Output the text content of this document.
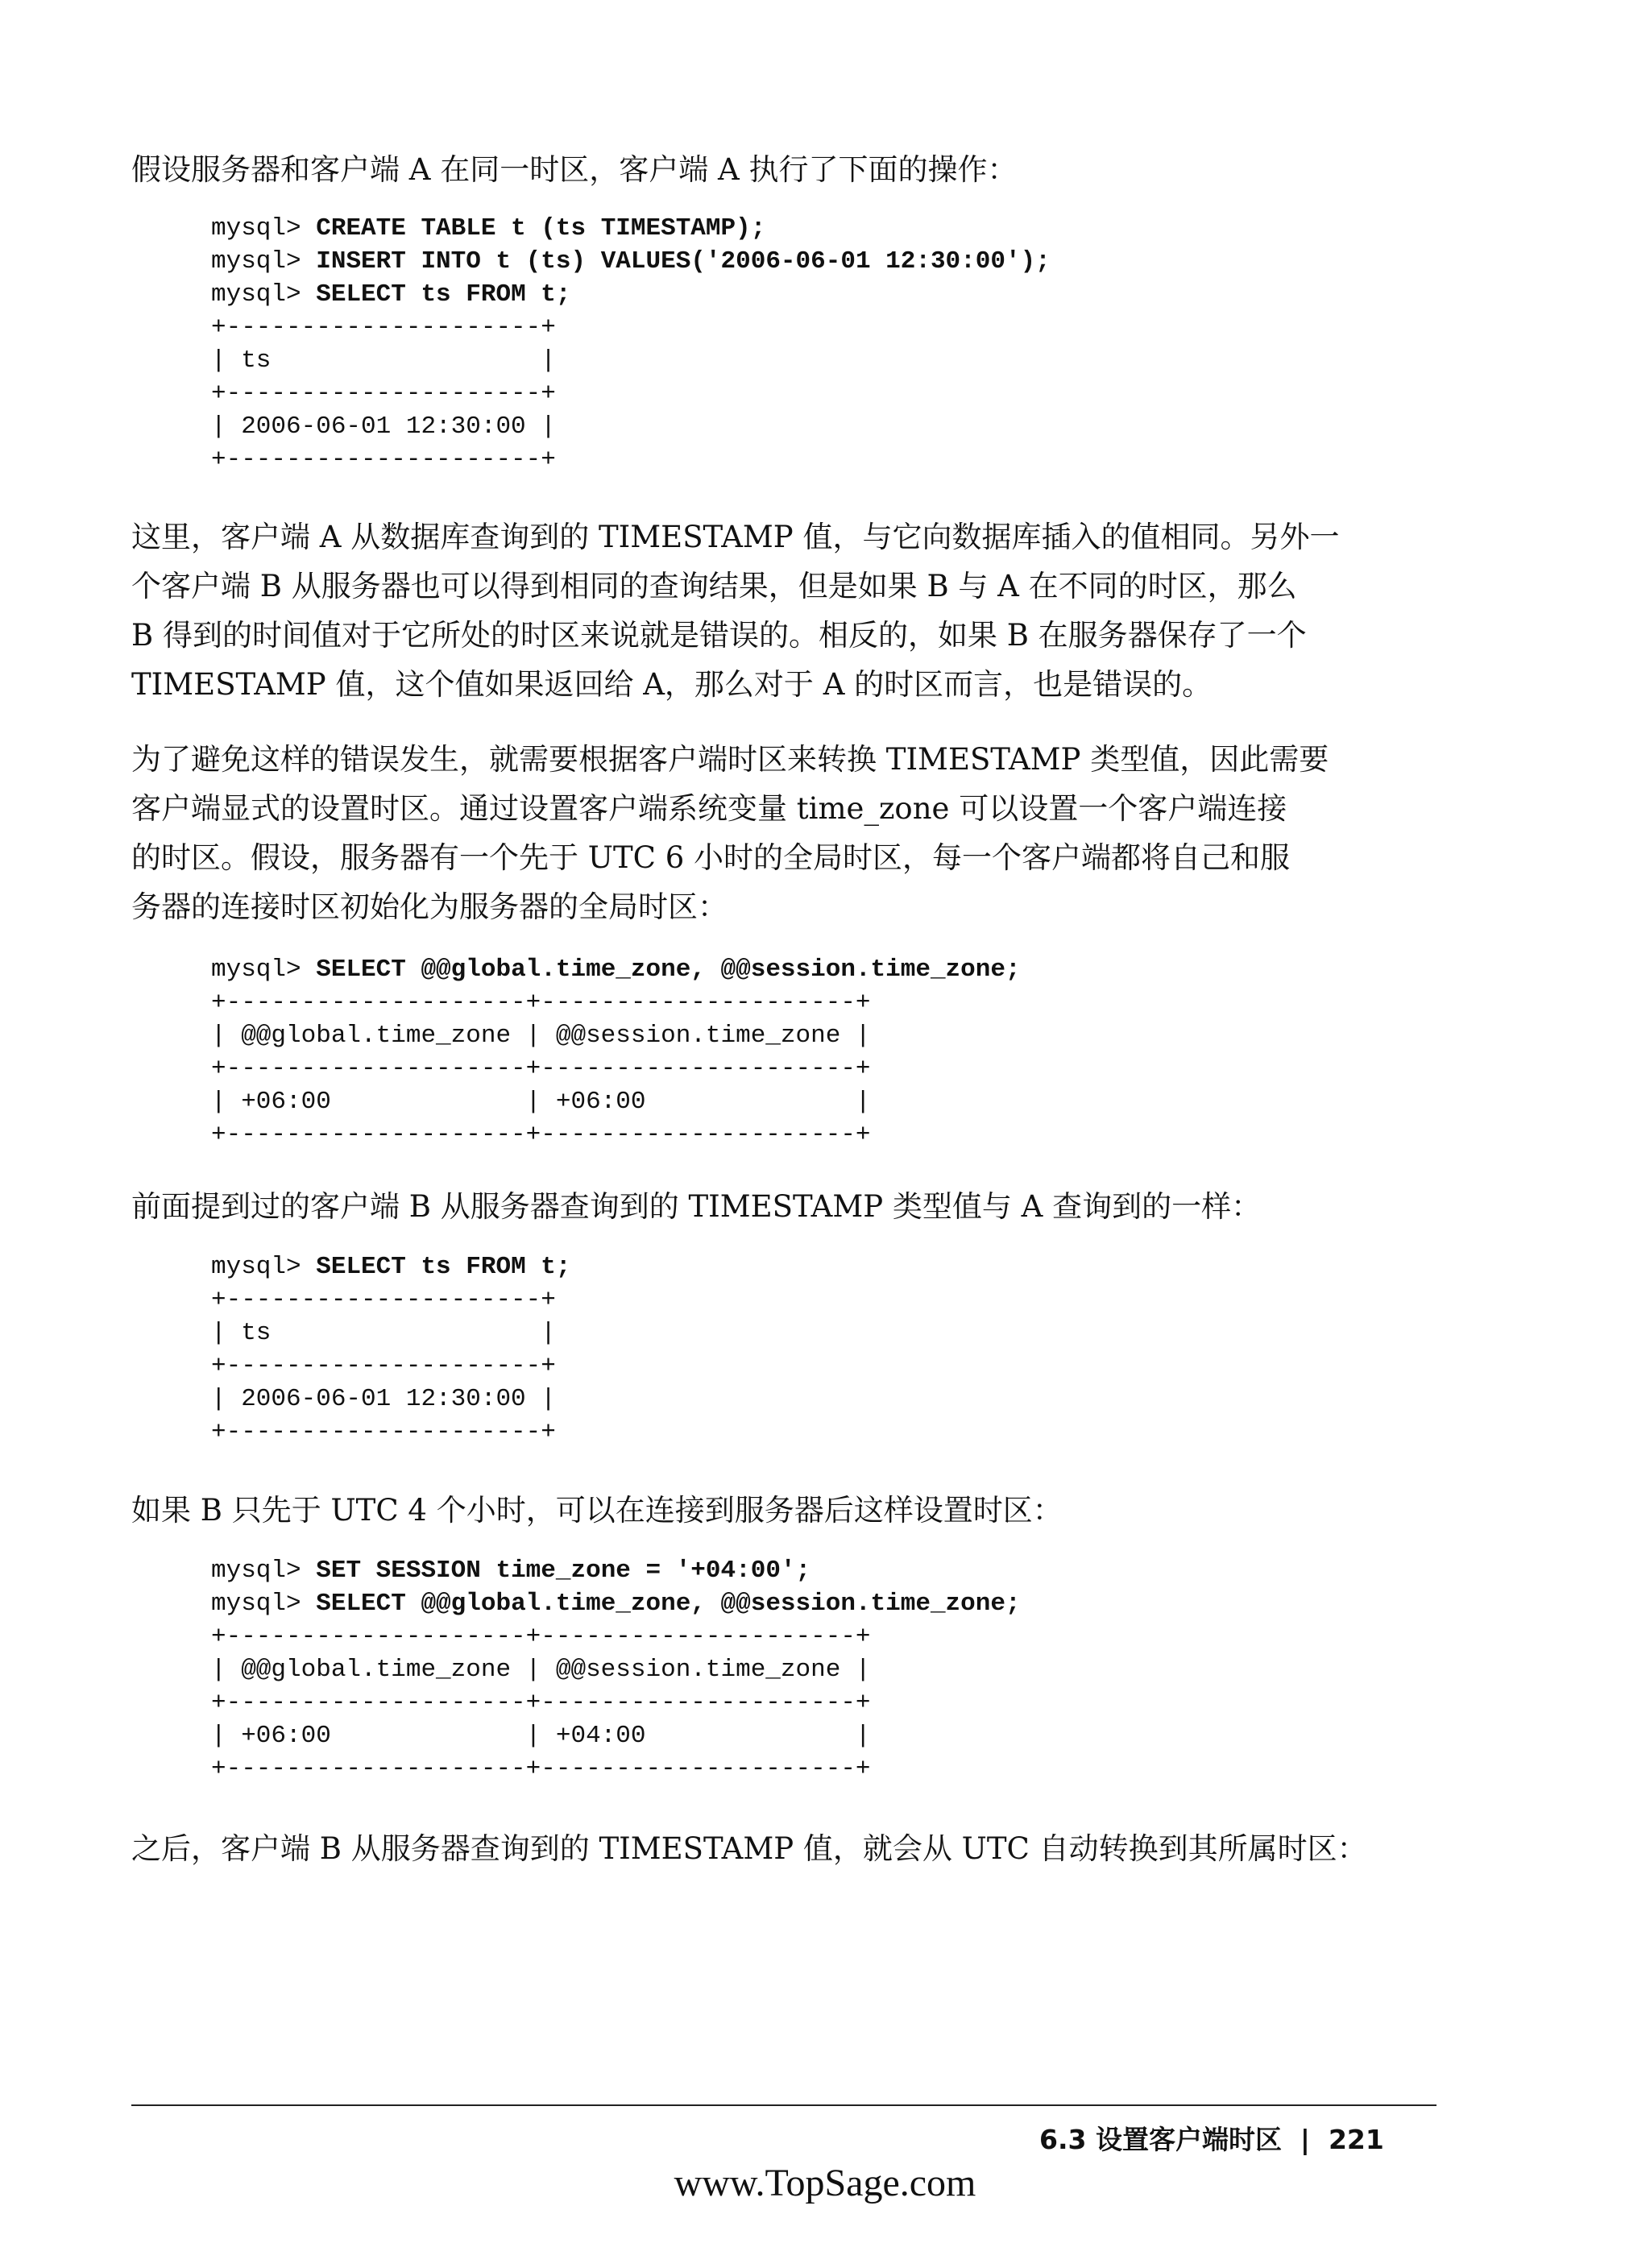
假设服务器和客户端 A 在同一时区，客户端 A 执行了下面的操作：
mysql> CREATE TABLE t (ts TIMESTAMP);
mysql> INSERT INTO t (ts) VALUES('2006-06-01 12:30:00');
mysql> SELECT ts FROM t;
+---------------------+
| ts                  |
+---------------------+
| 2006-06-01 12:30:00 |
+---------------------+
这里，客户端 A 从数据库查询到的 TIMESTAMP 值，与它向数据库插入的值相同。另外一
个客户端 B 从服务器也可以得到相同的查询结果，但是如果 B 与 A 在不同的时区，那么
B 得到的时间值对于它所处的时区来说就是错误的。相反的，如果 B 在服务器保存了一个
TIMESTAMP 值，这个值如果返回给 A，那么对于 A 的时区而言，也是错误的。
为了避免这样的错误发生，就需要根据客户端时区来转换 TIMESTAMP 类型值，因此需要
客户端显式的设置时区。通过设置客户端系统变量 time_zone 可以设置一个客户端连接
的时区。假设，服务器有一个先于 UTC 6 小时的全局时区，每一个客户端都将自己和服
务器的连接时区初始化为服务器的全局时区：
mysql> SELECT @@global.time_zone, @@session.time_zone;
+--------------------+---------------------+
| @@global.time_zone | @@session.time_zone |
+--------------------+---------------------+
| +06:00             | +06:00              |
+--------------------+---------------------+
前面提到过的客户端 B 从服务器查询到的 TIMESTAMP 类型值与 A 查询到的一样：
mysql> SELECT ts FROM t;
+---------------------+
| ts                  |
+---------------------+
| 2006-06-01 12:30:00 |
+---------------------+
如果 B 只先于 UTC 4 个小时，可以在连接到服务器后这样设置时区：
mysql> SET SESSION time_zone = '+04:00';
mysql> SELECT @@global.time_zone, @@session.time_zone;
+--------------------+---------------------+
| @@global.time_zone | @@session.time_zone |
+--------------------+---------------------+
| +06:00             | +04:00              |
+--------------------+---------------------+
之后，客户端 B 从服务器查询到的 TIMESTAMP 值，就会从 UTC 自动转换到其所属时区：
6.3 设置客户端时区  |  221
www.TopSage.com
